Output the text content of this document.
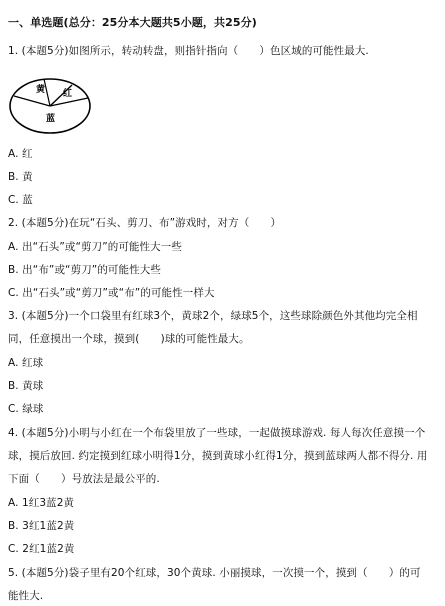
一、单选题(总分：25分本大题共5小题，共25分)
1. (本题5分)如图所示，转动转盘，则指针指向（　　）色区域的可能性最大.
黄 红
蓝
A. 红
B. 黄
C. 蓝
2. (本题5分)在玩“石头、剪刀、布”游戏时，对方（　　）
A. 出“石头”或“剪刀”的可能性大一些
B. 出“布”或“剪刀”的可能性大些
C. 出“石头”或“剪刀”或“布”的可能性一样大
3. (本题5分)一个口袋里有红球3个，黄球2个，绿球5个，这些球除颜色外其他均完全相
同，任意摸出一个球，摸到(　　)球的可能性最大。
A. 红球
B. 黄球
C. 绿球
4. (本题5分)小明与小红在一个布袋里放了一些球，一起做摸球游戏. 每人每次任意摸一个
球，摸后放回. 约定摸到红球小明得1分，摸到黄球小红得1分，摸到蓝球两人都不得分. 用
下面（　　）号放法是最公平的.
A. 1红3蓝2黄
B. 3红1蓝2黄
C. 2红1蓝2黄
5. (本题5分)袋子里有20个红球，30个黄球. 小丽摸球，一次摸一个，摸到（　　）的可
能性大.
